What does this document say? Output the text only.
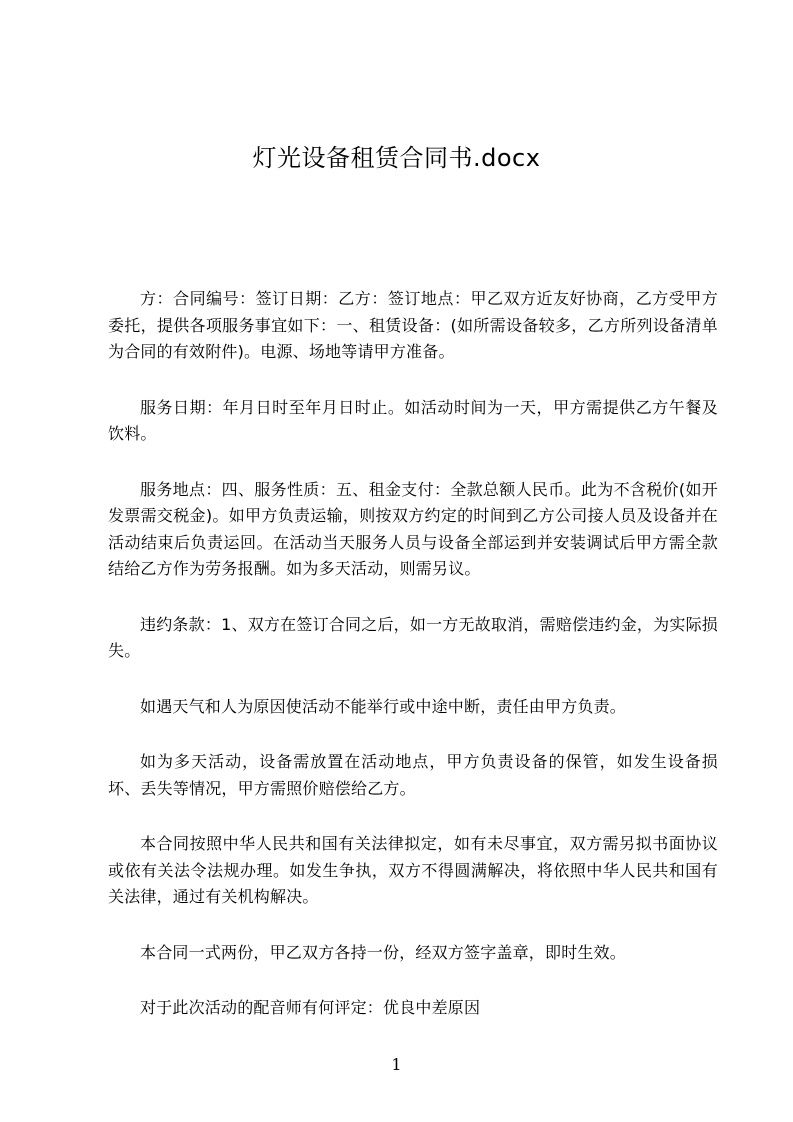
灯光设备租赁合同书.docx

方：合同编号：签订日期：乙方：签订地点：甲乙双方近友好协商，乙方受甲方委托，提供各项服务事宜如下：一、租赁设备：(如所需设备较多，乙方所列设备清单为合同的有效附件)。电源、场地等请甲方准备。

服务日期：年月日时至年月日时止。如活动时间为一天，甲方需提供乙方午餐及饮料。

服务地点：四、服务性质：五、租金支付：全款总额人民币。此为不含税价(如开发票需交税金)。如甲方负责运输，则按双方约定的时间到乙方公司接人员及设备并在活动结束后负责运回。在活动当天服务人员与设备全部运到并安装调试后甲方需全款结给乙方作为劳务报酬。如为多天活动，则需另议。

违约条款：1、双方在签订合同之后，如一方无故取消，需赔偿违约金，为实际损失。

如遇天气和人为原因使活动不能举行或中途中断，责任由甲方负责。

如为多天活动，设备需放置在活动地点，甲方负责设备的保管，如发生设备损坏、丢失等情况，甲方需照价赔偿给乙方。

本合同按照中华人民共和国有关法律拟定，如有未尽事宜，双方需另拟书面协议或依有关法令法规办理。如发生争执，双方不得圆满解决，将依照中华人民共和国有关法律，通过有关机构解决。

本合同一式两份，甲乙双方各持一份，经双方签字盖章，即时生效。

对于此次活动的配音师有何评定：优良中差原因

1
